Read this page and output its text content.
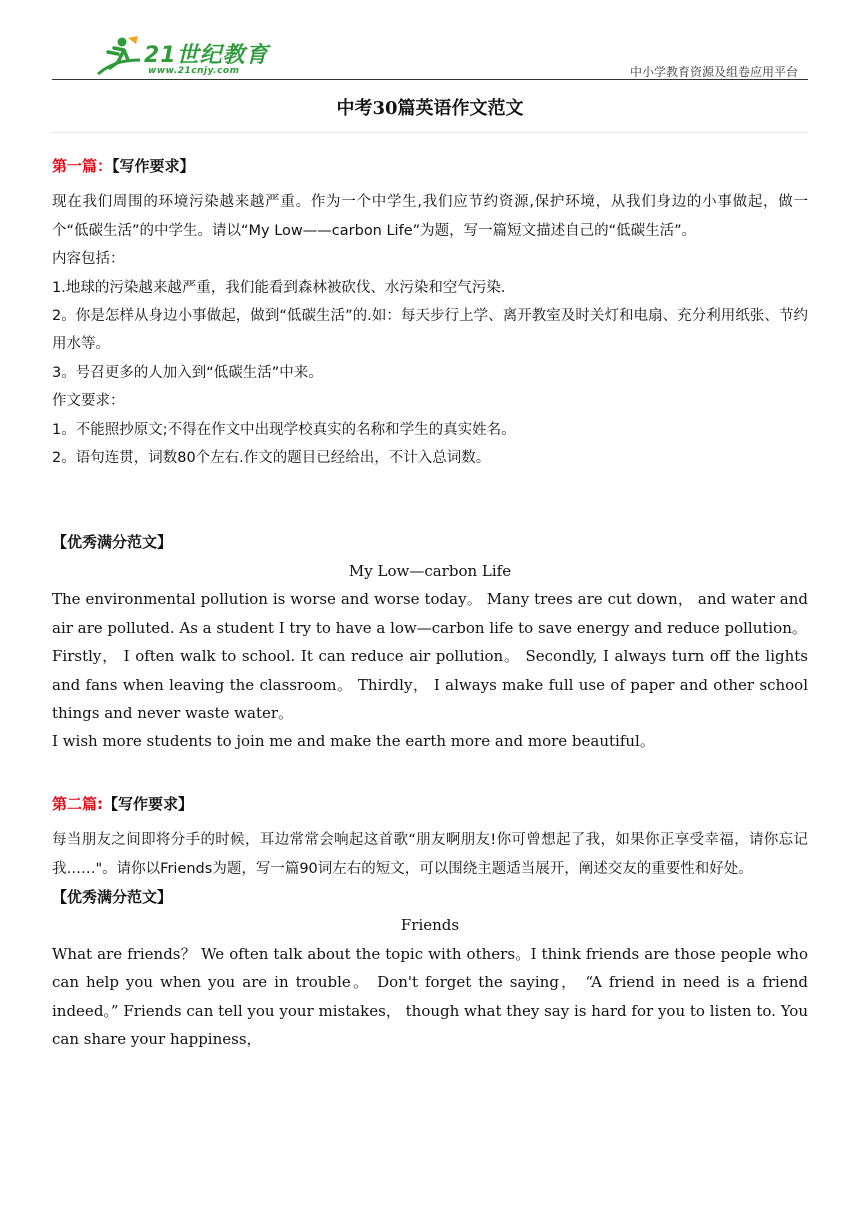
21世纪教育
www.21cnjy.com	中小学教育资源及组卷应用平台
中考30篇英语作文范文

第一篇：【写作要求】

现在我们周围的环境污染越来越严重。作为一个中学生,我们应节约资源,保护环境，从我们身边的小事做起，做一个“低碳生活”的中学生。请以“My Low——carbon Life”为题，写一篇短文描述自己的“低碳生活”。

内容包括：

1.地球的污染越来越严重，我们能看到森林被砍伐、水污染和空气污染.

2。你是怎样从身边小事做起，做到“低碳生活”的.如：每天步行上学、离开教室及时关灯和电扇、充分利用纸张、节约用水等。

3。号召更多的人加入到“低碳生活”中来。

作文要求：

1。不能照抄原文;不得在作文中出现学校真实的名称和学生的真实姓名。

2。语句连贯，词数80个左右.作文的题目已经给出，不计入总词数。

【优秀满分范文】

My Low—carbon Life

The environmental pollution is worse and worse today。 Many trees are cut down， and water and air are polluted. As a student I try to have a low—carbon life to save energy and reduce pollution。

Firstly， I often walk to school. It can reduce air pollution。 Secondly, I always turn off the lights and fans when leaving the classroom。 Thirdly， I always make full use of paper and other school things and never waste water。

I wish more students to join me and make the earth more and more beautiful。

第二篇:【写作要求】

每当朋友之间即将分手的时候，耳边常常会响起这首歌“朋友啊朋友!你可曾想起了我，如果你正享受幸福，请你忘记我……"。请你以Friends为题，写一篇90词左右的短文，可以围绕主题适当展开，阐述交友的重要性和好处。

【优秀满分范文】

Friends

What are friends？ We often talk about the topic with others。I think friends are those people who can help you when you are in trouble。 Don't forget the saying， “A friend in need is a friend indeed。” Friends can tell you your mistakes， though what they say is hard for you to listen to. You can share your happiness，
